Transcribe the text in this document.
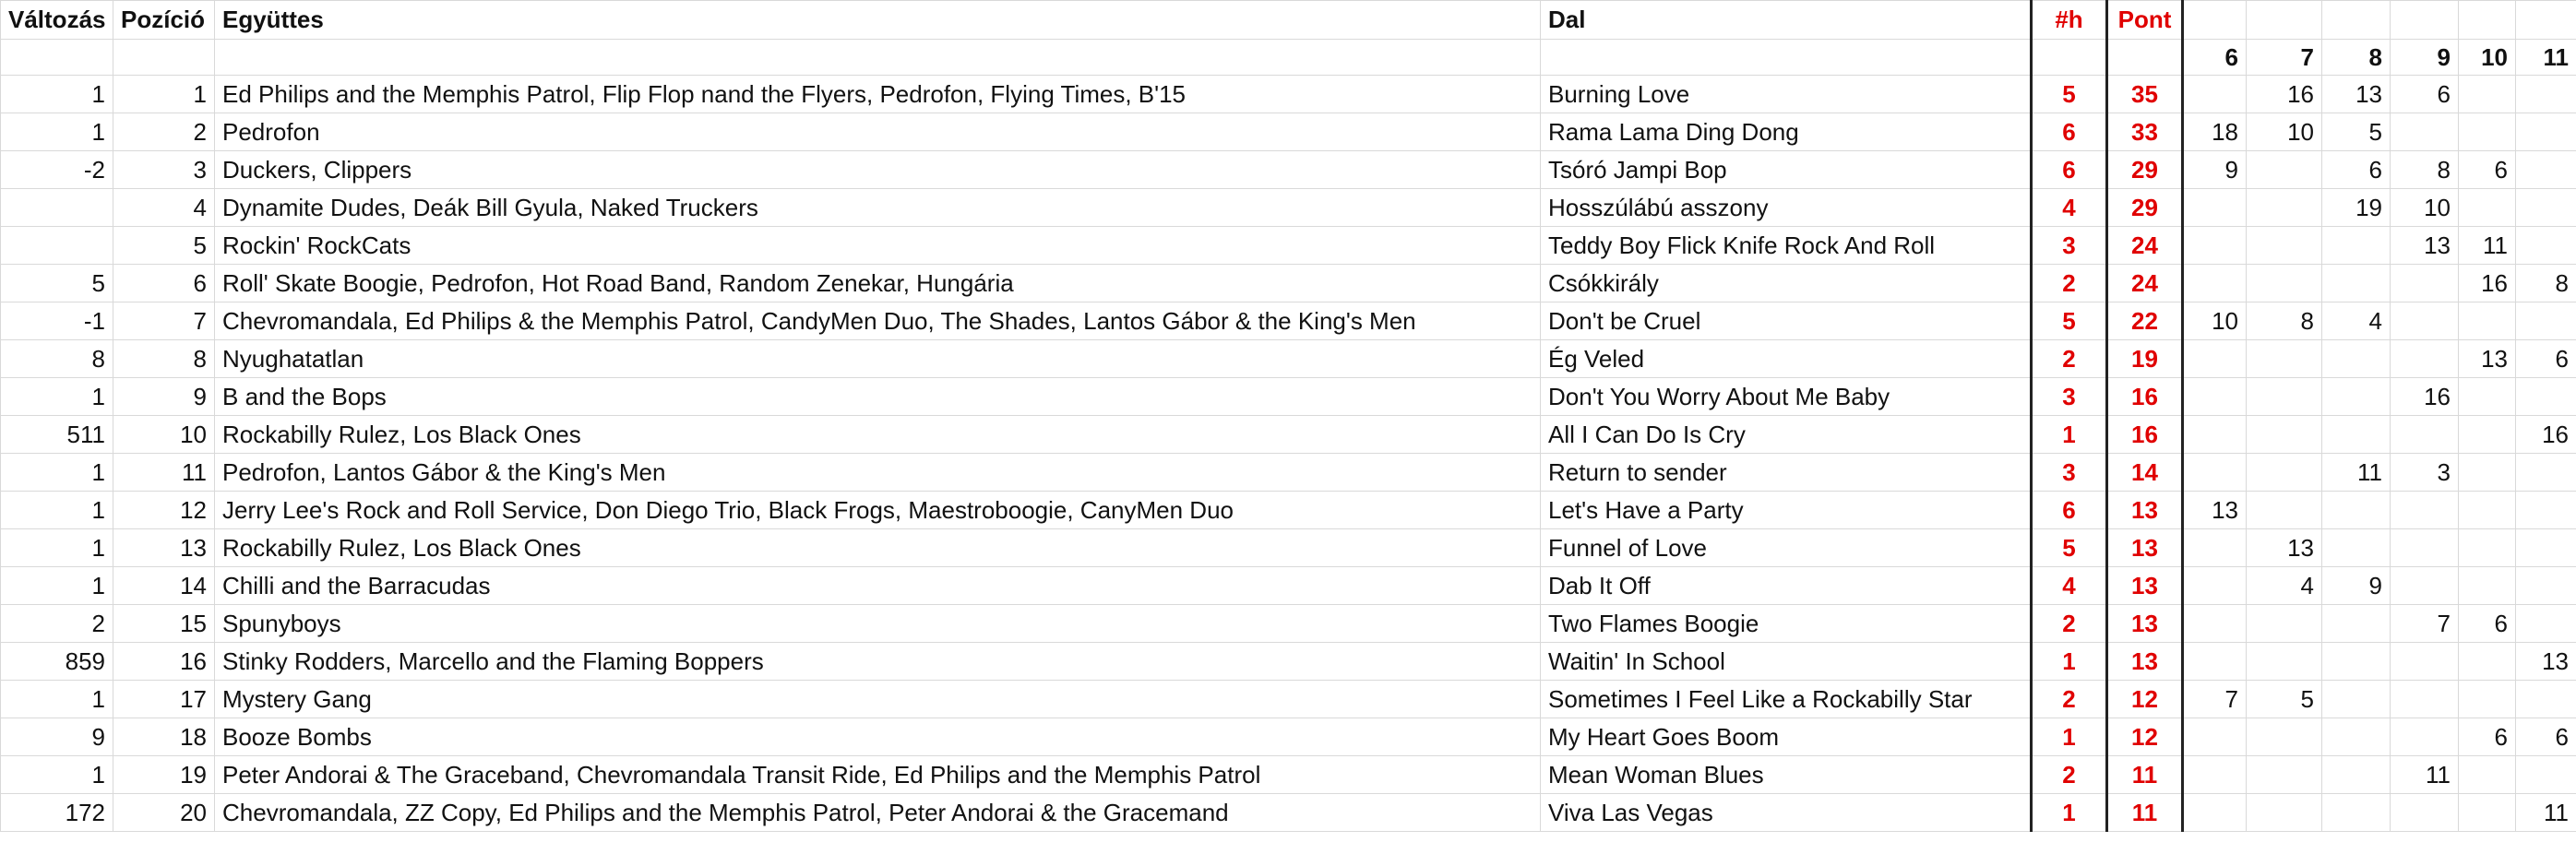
Változás	Pozíció	Együttes	Dal	#h	Pont						
						6	7	8	9	10	11
1	1	Ed Philips and the Memphis Patrol, Flip Flop nand the Flyers, Pedrofon, Flying Times, B'15	Burning Love	5	35		16	13	6		
1	2	Pedrofon	Rama Lama Ding Dong	6	33	18	10	5			
-2	3	Duckers, Clippers	Tsóró Jampi Bop	6	29	9		6	8	6	
	4	Dynamite Dudes, Deák Bill Gyula, Naked Truckers	Hosszúlábú asszony	4	29			19	10		
	5	Rockin' RockCats	Teddy Boy Flick Knife Rock And Roll	3	24				13	11	
5	6	Roll' Skate Boogie, Pedrofon, Hot Road Band, Random Zenekar, Hungária	Csókkirály	2	24					16	8
-1	7	Chevromandala, Ed Philips & the Memphis Patrol, CandyMen Duo, The Shades, Lantos Gábor & the King's Men	Don't be Cruel	5	22	10	8	4			
8	8	Nyughatatlan	Ég Veled	2	19					13	6
1	9	B and the Bops	Don't You Worry About Me Baby	3	16				16		
511	10	Rockabilly Rulez, Los Black Ones	All I Can Do Is Cry	1	16						16
1	11	Pedrofon, Lantos Gábor & the King's Men	Return to sender	3	14			11	3		
1	12	Jerry Lee's Rock and Roll Service, Don Diego Trio, Black Frogs, Maestroboogie, CanyMen Duo	Let's Have a Party	6	13	13					
1	13	Rockabilly Rulez, Los Black Ones	Funnel of Love	5	13		13				
1	14	Chilli and the Barracudas	Dab It Off	4	13		4	9			
2	15	Spunyboys	Two Flames Boogie	2	13				7	6	
859	16	Stinky Rodders, Marcello and the Flaming Boppers	Waitin' In School	1	13						13
1	17	Mystery Gang	Sometimes I Feel Like a Rockabilly Star	2	12	7	5				
9	18	Booze Bombs	My Heart Goes Boom	1	12					6	6
1	19	Peter Andorai & The Graceband, Chevromandala Transit Ride, Ed Philips and the Memphis Patrol	Mean Woman Blues	2	11				11		
172	20	Chevromandala, ZZ Copy, Ed Philips and the Memphis Patrol, Peter Andorai & the Gracemand	Viva Las Vegas	1	11						11
